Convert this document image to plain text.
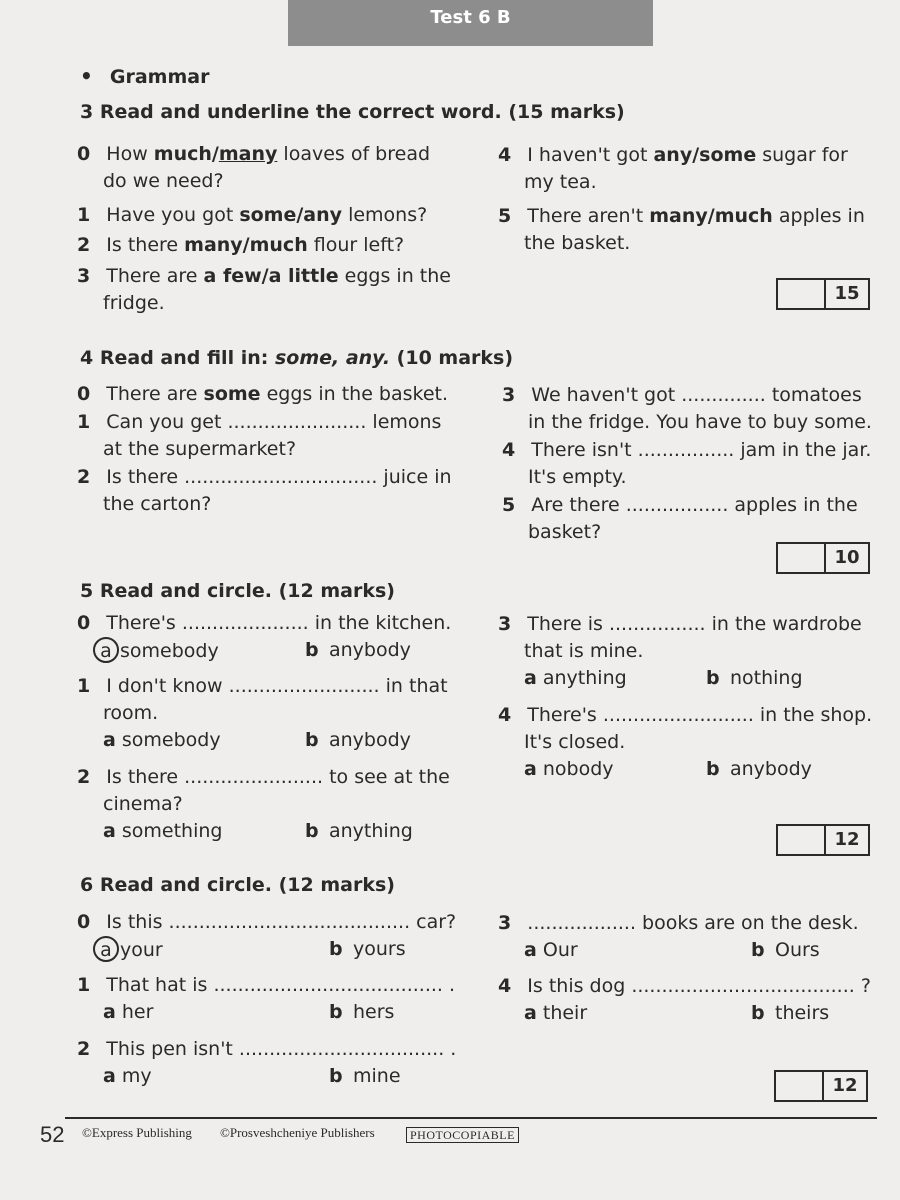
Test 6 B
• Grammar
3 Read and underline the correct word. (15 marks)
0 How much/many loaves of bread
do we need?
1 Have you got some/any lemons?
2 Is there many/much flour left?
3 There are a few/a little eggs in the
fridge.
4 I haven't got any/some sugar for
my tea.
5 There aren't many/much apples in
the basket.
15
4 Read and fill in: some, any. (10 marks)
0 There are some eggs in the basket.
1 Can you get ....................... lemons
at the supermarket?
2 Is there ................................ juice in
the carton?
3 We haven't got .............. tomatoes
in the fridge. You have to buy some.
4 There isn't ................ jam in the jar.
It's empty.
5 Are there ................. apples in the
basket?
10
5 Read and circle. (12 marks)
0 There's ..................... in the kitchen.
a somebody	b anybody
1 I don't know ......................... in that
room.
a somebody	b anybody
2 Is there ....................... to see at the
cinema?
a something	b anything
3 There is ................ in the wardrobe
that is mine.
a anything	b nothing
4 There's ......................... in the shop.
It's closed.
a nobody	b anybody
12
6 Read and circle. (12 marks)
0 Is this ........................................ car?
a your	b yours
1 That hat is ...................................... .
a her	b hers
2 This pen isn't .................................. .
a my	b mine
3 .................. books are on the desk.
a Our	b Ours
4 Is this dog ..................................... ?
a their	b theirs
12
52 ©Express Publishing ©Prosveshcheniye Publishers	PHOTOCOPIABLE
